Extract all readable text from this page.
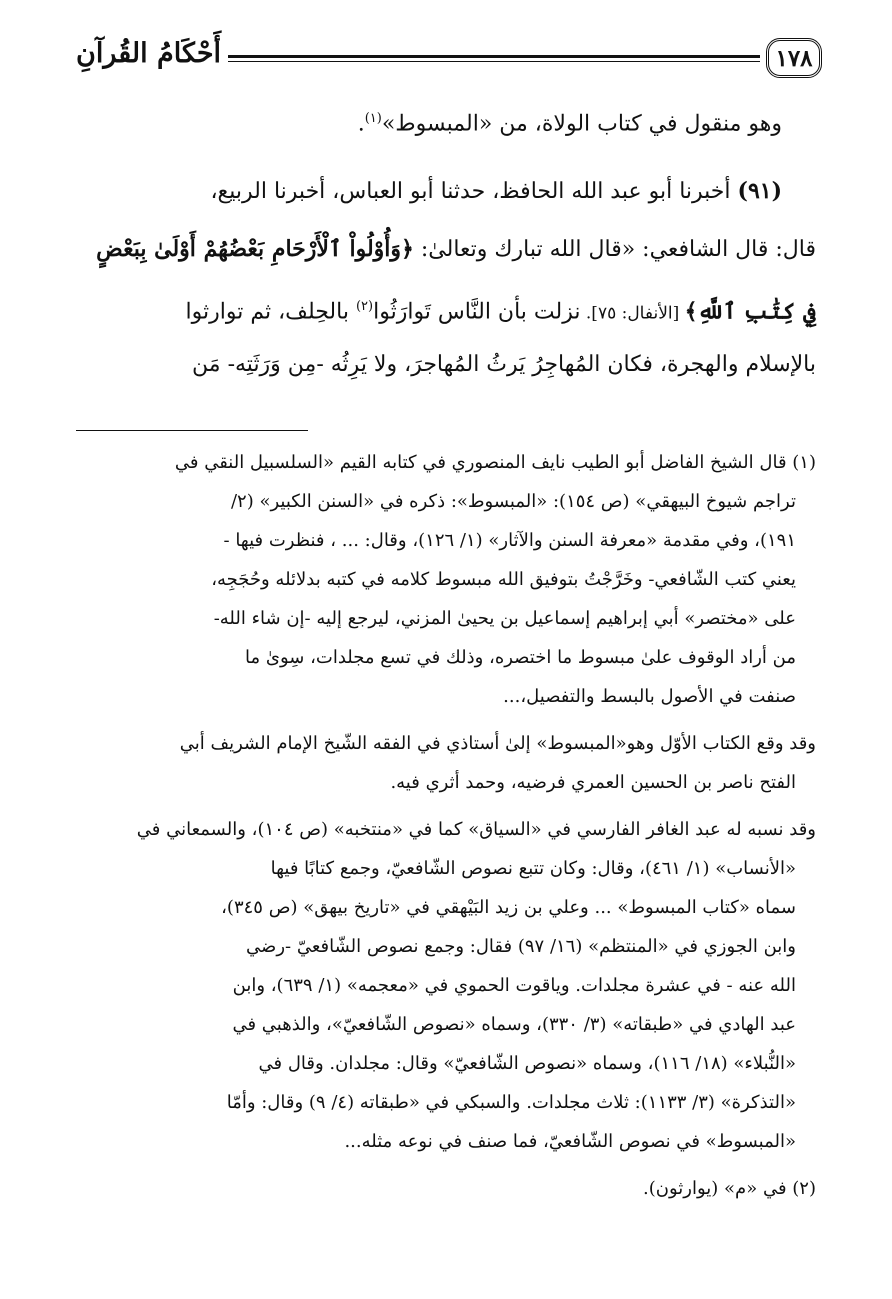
١٧٨
أَحْكَامُ القُرآنِ
وهو منقول في كتاب الولاة، من «المبسوط»$^{(١)}$.
(٩١) أخبرنا أبو عبد الله الحافظ، حدثنا أبو العباس، أخبرنا الربيع،
قال: قال الشافعي: «قال الله تبارك وتعالىٰ: ﴿وَأُوْلُواْ ٱلْأَرْحَامِ بَعْضُهُمْ أَوْلَىٰ بِبَعْضٍ
فِي كِتَٰبِ ٱللَّهِ﴾ [الأنفال: ٧٥]. نزلت بأن النَّاس تَوارَثُوا$^{(٢)}$ بالحِلف، ثم توارثوا
بالإسلام والهجرة، فكان المُهاجِرُ يَرثُ المُهاجرَ، ولا يَرِثُه -مِن وَرَثَتِه- مَن
(١) قال الشيخ الفاضل أبو الطيب نايف المنصوري في كتابه القيم «السلسبيل النقي في
تراجم شيوخ البيهقي» (ص ١٥٤): «المبسوط»: ذكره في «السنن الكبير» (٢/
١٩١)، وفي مقدمة «معرفة السنن والآثار» (١/ ١٢٦)، وقال: ... ، فنظرت فيها -
يعني كتب الشّافعي- وخَرَّجْتُ بتوفيق الله مبسوط كلامه في كتبه بدلائله وحُجَجِه،
على «مختصر» أبي إبراهيم إسماعيل بن يحيىٰ المزني، ليرجع إليه -إن شاء الله-
من أراد الوقوف علىٰ مبسوط ما اختصره، وذلك في تسع مجلدات، سِوىٰ ما
صنفت في الأصول بالبسط والتفصيل،...
وقد وقع الكتاب الأوّل وهو«المبسوط» إلىٰ أستاذي في الفقه الشّيخ الإمام الشريف أبي
الفتح ناصر بن الحسين العمري فرضيه، وحمد أثري فيه.
وقد نسبه له عبد الغافر الفارسي في «السياق» كما في «منتخبه» (ص ١٠٤)، والسمعاني في
«الأنساب» (١/ ٤٦١)، وقال: وكان تتبع نصوص الشّافعيّ، وجمع كتابًا فيها
سماه «كتاب المبسوط» ... وعلي بن زيد البَيْهقي في «تاريخ بيهق» (ص ٣٤٥)،
وابن الجوزي في «المنتظم» (١٦/ ٩٧) فقال: وجمع نصوص الشّافعيّ -رضي
الله عنه - في عشرة مجلدات. وياقوت الحموي في «معجمه» (١/ ٦٣٩)، وابن
عبد الهادي في «طبقاته» (٣/ ٣٣٠)، وسماه «نصوص الشّافعيّ»، والذهبي في
«النُّبلاء» (١٨/ ١١٦)، وسماه «نصوص الشّافعيّ» وقال: مجلدان. وقال في
«التذكرة» (٣/ ١١٣٣): ثلاث مجلدات. والسبكي في «طبقاته (٤/ ٩) وقال: وأمّا
«المبسوط» في نصوص الشّافعيّ، فما صنف في نوعه مثله...
(٢) في «م» (يوارثون).
